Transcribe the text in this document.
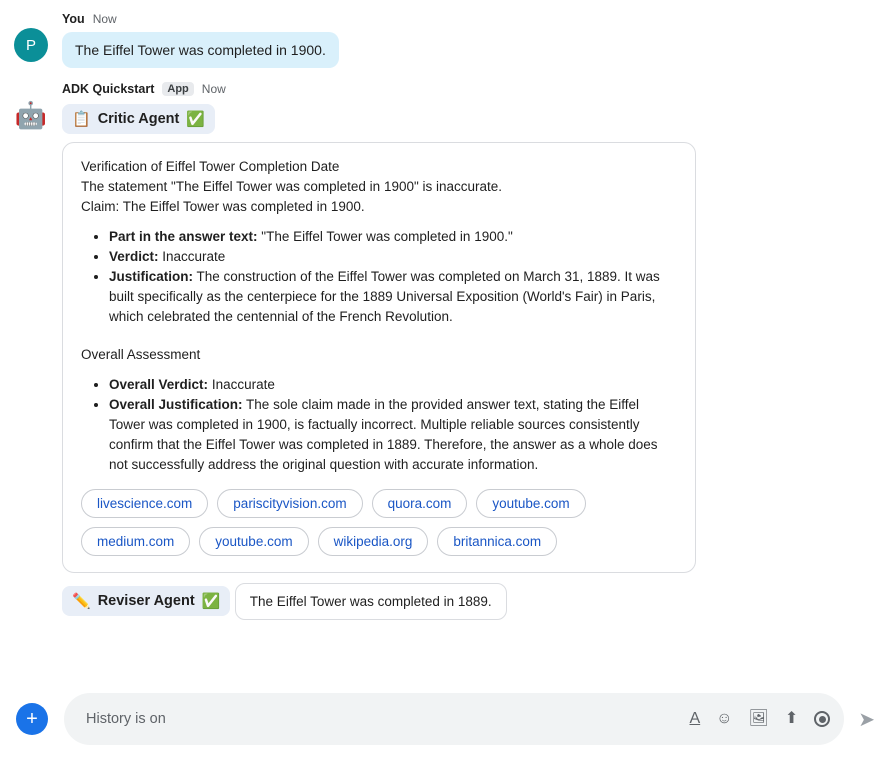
P
You Now
The Eiffel Tower was completed in 1900.
🤖
ADK Quickstart	App	Now
📋 Critic Agent ✅

Verification of Eiffel Tower Completion Date

The statement "The Eiffel Tower was completed in 1900" is inaccurate.

Claim: The Eiffel Tower was completed in 1900.

• Part in the answer text: "The Eiffel Tower was completed in 1900."
• Verdict: Inaccurate
• Justification: The construction of the Eiffel Tower was completed on March 31, 1889. It was built specifically as the centerpiece for the 1889 Universal Exposition (World's Fair) in Paris, which celebrated the centennial of the French Revolution.

Overall Assessment

• Overall Verdict: Inaccurate
• Overall Justification: The sole claim made in the provided answer text, stating the Eiffel Tower was completed in 1900, is factually incorrect. Multiple reliable sources consistently confirm that the Eiffel Tower was completed in 1889. Therefore, the answer as a whole does not successfully address the original question with accurate information.
livescience.com	pariscityvision.com	quora.com	youtube.com
medium.com	youtube.com	wikipedia.org	britannica.com
✏️ Reviser Agent ✅ The Eiffel Tower was completed in 1889.
+
History is on	A ☺ 🖼 ⬆	➤
